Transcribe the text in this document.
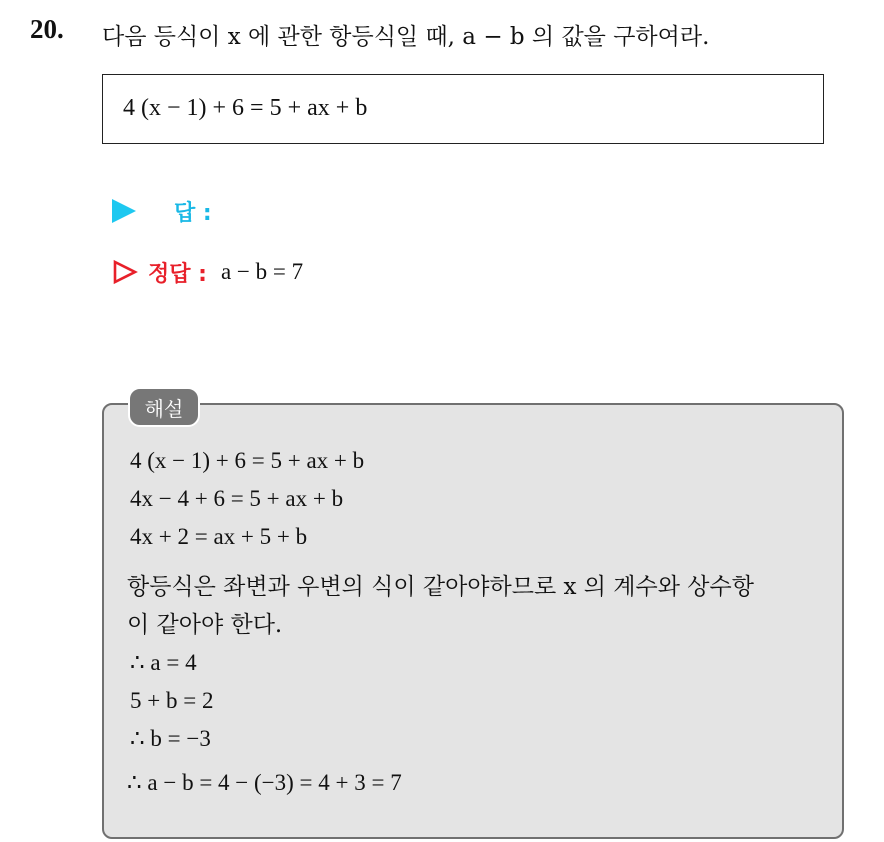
20. 다음 등식이 x 에 관한 항등식일 때, a − b 의 값을 구하여라.
4 (x − 1) + 6 = 5 + ax + b
답 :
정답 : a − b = 7
해설
4 (x − 1) + 6 = 5 + ax + b
4x − 4 + 6 = 5 + ax + b
4x + 2 = ax + 5 + b
항등식은 좌변과 우변의 식이 같아야하므로 x 의 계수와 상수항
이 같아야 한다.
∴ a = 4
5 + b = 2
∴ b = −3
∴ a − b = 4 − (−3) = 4 + 3 = 7
